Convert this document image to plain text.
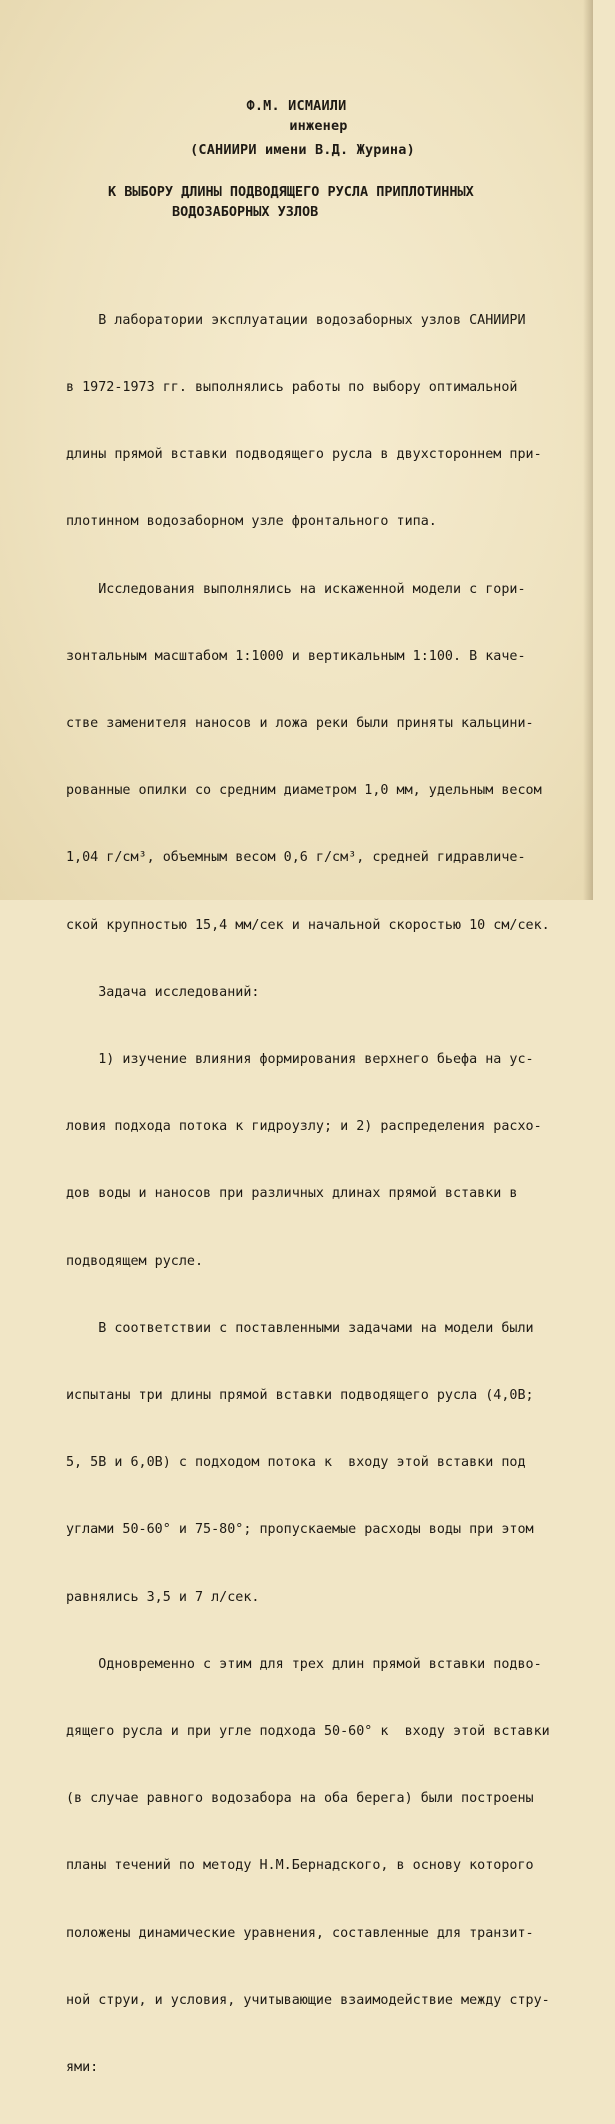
Ф.М. ИСМАИЛИ
инженер
(САНИИРИ имени В.Д. Журина)
К ВЫБОРУ ДЛИНЫ ПОДВОДЯЩЕГО РУСЛА ПРИПЛОТИННЫХ
ВОДОЗАБОРНЫХ УЗЛОВ

В лаборатории эксплуатации водозаборных узлов САНИИРИ

в 1972-1973 гг. выполнялись работы по выбору оптимальной

длины прямой вставки подводящего русла в двухстороннем при-

плотинном водозаборном узле фронтального типа.

Исследования выполнялись на искаженной модели с гори-

зонтальным масштабом 1:1000 и вертикальным 1:100. В каче-

стве заменителя наносов и ложа реки были приняты кальцини-

рованные опилки со средним диаметром 1,0 мм, удельным весом

1,04 г/см³, объемным весом 0,6 г/см³, средней гидравличе-

ской крупностью 15,4 мм/сек и начальной скоростью 10 см/сек.

Задача исследований:

1) изучение влияния формирования верхнего бьефа на ус-

ловия подхода потока к гидроузлу; и 2) распределения расхо-

дов воды и наносов при различных длинах прямой вставки в

подводящем русле.

В соответствии с поставленными задачами на модели были

испытаны три длины прямой вставки подводящего русла (4,0В;

5, 5В и 6,0В) с подходом потока к  входу этой вставки под

углами 50-60° и 75-80°; пропускаемые расходы воды при этом

равнялись 3,5 и 7 л/сек.

Одновременно с этим для трех длин прямой вставки подво-

дящего русла и при угле подхода 50-60° к  входу этой вставки

(в случае равного водозабора на оба берега) были построены

планы течений по методу Н.М.Бернадского, в основу которого

положены динамические уравнения, составленные для транзит-

ной струи, и условия, учитывающие взаимодействие между стру-

ями:
